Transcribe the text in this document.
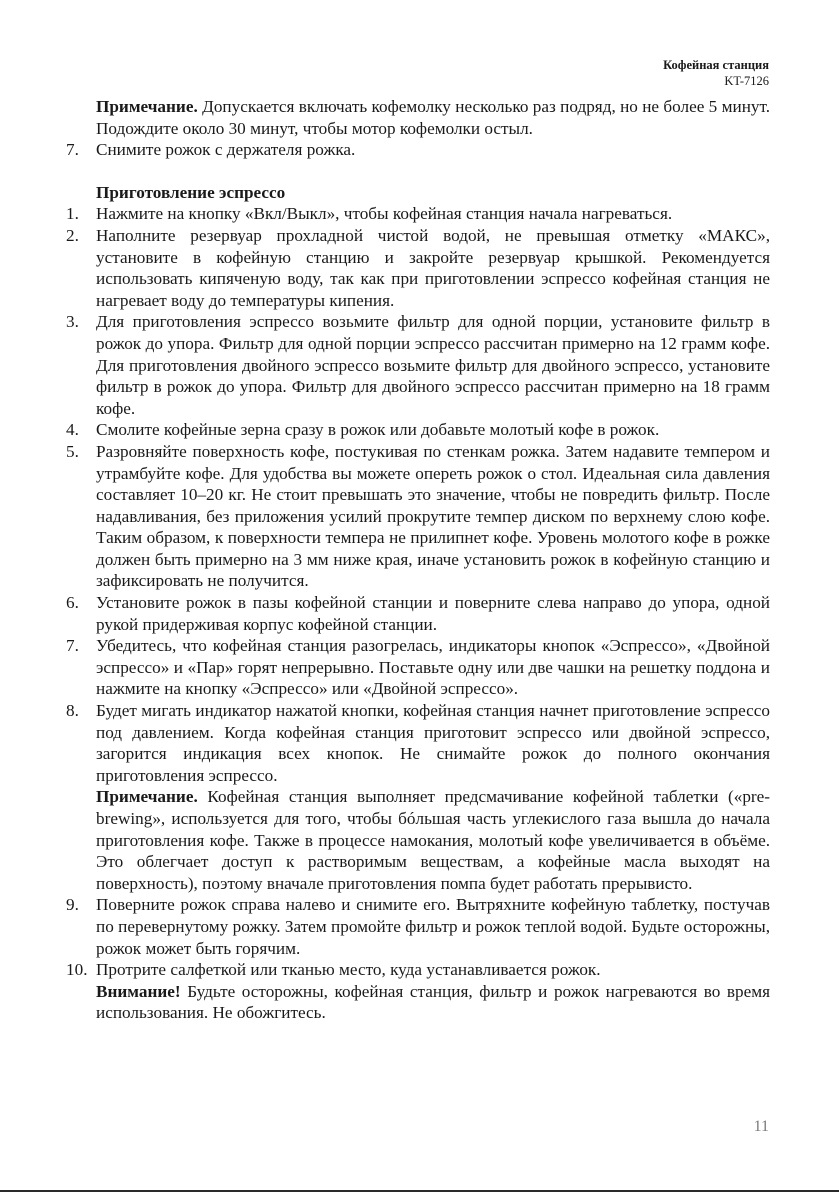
Кофейная станция
KT-7126

Примечание. Допускается включать кофемолку несколько раз подряд, но не более 5 минут. Подождите около 30 минут, чтобы мотор кофемолки остыл.

7. Снимите рожок с держателя рожка.

Приготовление эспрессо

1. Нажмите на кнопку «Вкл/Выкл», чтобы кофейная станция начала нагреваться.
2. Наполните резервуар прохладной чистой водой, не превышая отметку «МАКС», установите в кофейную станцию и закройте резервуар крышкой. Рекомендуется использовать кипяченую воду, так как при приготовлении эспрессо кофейная станция не нагревает воду до температуры кипения.
3. Для приготовления эспрессо возьмите фильтр для одной порции, установите фильтр в рожок до упора. Фильтр для одной порции эспрессо рассчитан примерно на 12 грамм кофе. Для приготовления двойного эспрессо возьмите фильтр для двойного эспрессо, установите фильтр в рожок до упора. Фильтр для двойного эспрессо рассчитан примерно на 18 грамм кофе.
4. Смолите кофейные зерна сразу в рожок или добавьте молотый кофе в рожок.
5. Разровняйте поверхность кофе, постукивая по стенкам рожка. Затем надавите темпером и утрамбуйте кофе. Для удобства вы можете опереть рожок о стол. Идеальная сила давления составляет 10–20 кг. Не стоит превышать это значение, чтобы не повредить фильтр. После надавливания, без приложения усилий прокрутите темпер диском по верхнему слою кофе. Таким образом, к поверхности темпера не прилипнет кофе. Уровень молотого кофе в рожке должен быть примерно на 3 мм ниже края, иначе установить рожок в кофейную станцию и зафиксировать не получится.
6. Установите рожок в пазы кофейной станции и поверните слева направо до упора, одной рукой придерживая корпус кофейной станции.
7. Убедитесь, что кофейная станция разогрелась, индикаторы кнопок «Эспрессо», «Двойной эспрессо» и «Пар» горят непрерывно. Поставьте одну или две чашки на решетку поддона и нажмите на кнопку «Эспрессо» или «Двойной эспрессо».
8. Будет мигать индикатор нажатой кнопки, кофейная станция начнет приготовление эспрессо под давлением. Когда кофейная станция приготовит эспрессо или двойной эспрессо, загорится индикация всех кнопок. Не снимайте рожок до полного окончания приготовления эспрессо.

Примечание. Кофейная станция выполняет предсмачивание кофейной таблетки («pre-brewing», используется для того, чтобы бóльшая часть углекислого газа вышла до начала приготовления кофе. Также в процессе намокания, молотый кофе увеличивается в объёме. Это облегчает доступ к растворимым веществам, а кофейные масла выходят на поверхность), поэтому вначале приготовления помпа будет работать прерывисто.

9. Поверните рожок справа налево и снимите его. Вытряхните кофейную таблетку, постучав по перевернутому рожку. Затем промойте фильтр и рожок теплой водой. Будьте осторожны, рожок может быть горячим.
10. Протрите салфеткой или тканью место, куда устанавливается рожок.

Внимание! Будьте осторожны, кофейная станция, фильтр и рожок нагреваются во время использования. Не обожгитесь.

11
